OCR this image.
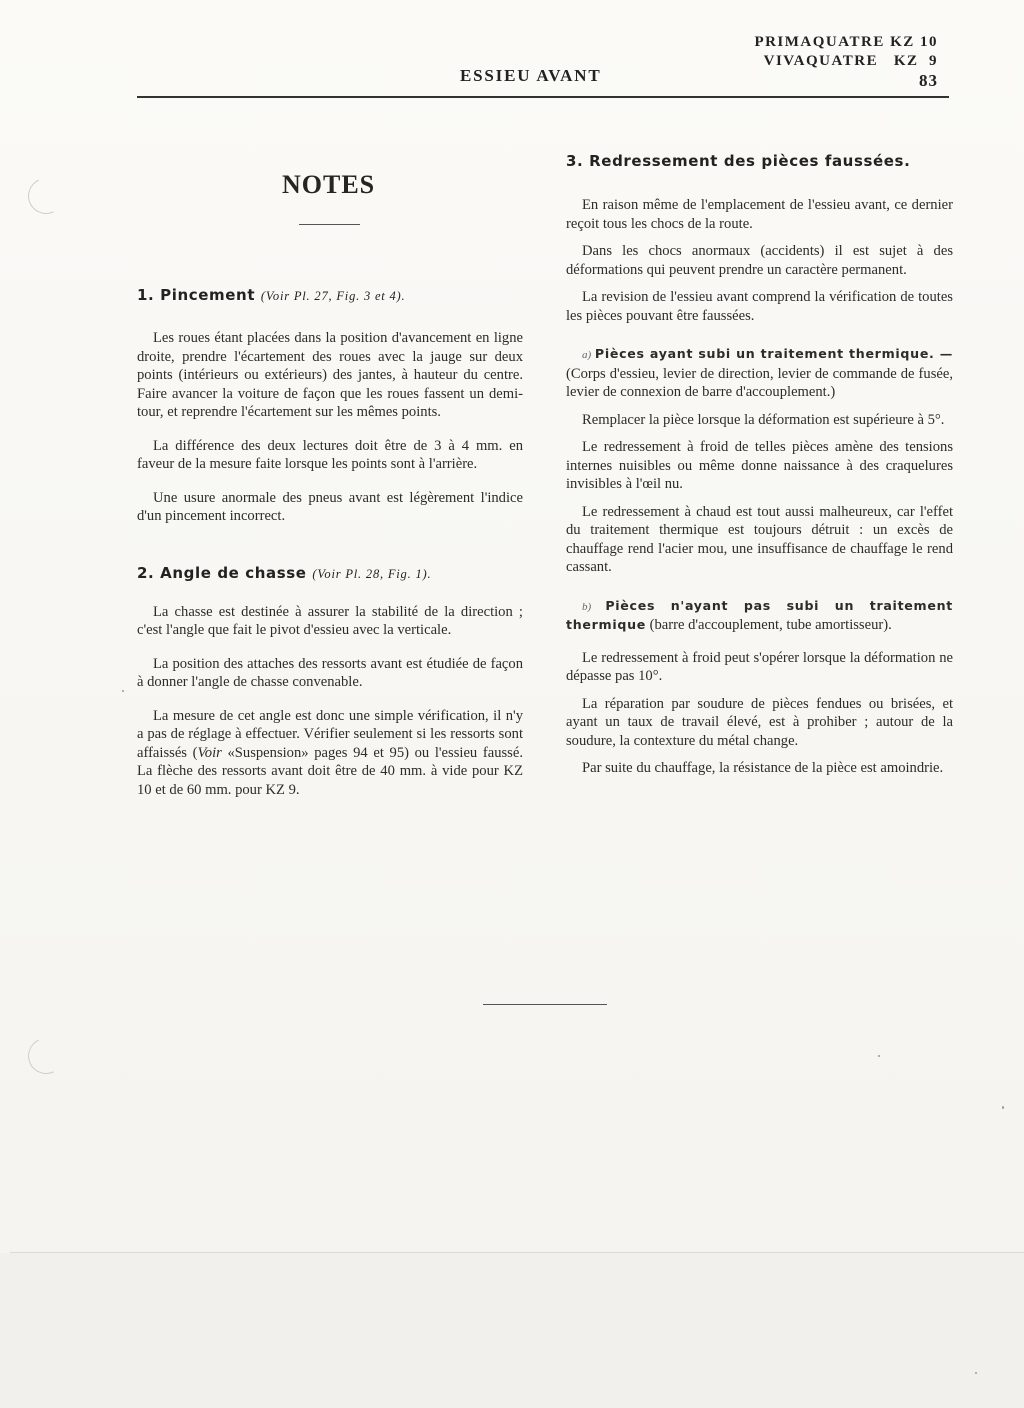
PRIMAQUATRE KZ 10
VIVAQUATRE   KZ  9
83
ESSIEU AVANT
NOTES
1. Pincement (Voir Pl. 27, Fig. 3 et 4).

Les roues étant placées dans la position d'avancement en ligne droite, prendre l'écartement des roues avec la jauge sur deux points (intérieurs ou extérieurs) des jantes, à hauteur du centre. Faire avancer la voiture de façon que les roues fassent un demi-tour, et reprendre l'écartement sur les mêmes points.

La différence des deux lectures doit être de 3 à 4 mm. en faveur de la mesure faite lorsque les points sont à l'arrière.

Une usure anormale des pneus avant est légèrement l'indice d'un pincement incorrect.

2. Angle de chasse (Voir Pl. 28, Fig. 1).

La chasse est destinée à assurer la stabilité de la direction ; c'est l'angle que fait le pivot d'essieu avec la verticale.

La position des attaches des ressorts avant est étudiée de façon à donner l'angle de chasse convenable.

La mesure de cet angle est donc une simple vérification, il n'y a pas de réglage à effectuer. Vérifier seulement si les ressorts sont affaissés (Voir «Suspension» pages 94 et 95) ou l'essieu faussé. La flèche des ressorts avant doit être de 40 mm. à vide pour KZ 10 et de 60 mm. pour KZ 9.

3. Redressement des pièces faussées.

En raison même de l'emplacement de l'essieu avant, ce dernier reçoit tous les chocs de la route.

Dans les chocs anormaux (accidents) il est sujet à des déformations qui peuvent prendre un caractère permanent.

La revision de l'essieu avant comprend la vérification de toutes les pièces pouvant être faussées.

a) Pièces ayant subi un traitement thermique. — (Corps d'essieu, levier de direction, levier de commande de fusée, levier de connexion de barre d'accouplement.)

Remplacer la pièce lorsque la déformation est supérieure à 5°.

Le redressement à froid de telles pièces amène des tensions internes nuisibles ou même donne naissance à des craquelures invisibles à l'œil nu.

Le redressement à chaud est tout aussi malheureux, car l'effet du traitement thermique est toujours détruit : un excès de chauffage rend l'acier mou, une insuffisance de chauffage le rend cassant.

b) Pièces n'ayant pas subi un traitement thermique (barre d'accouplement, tube amortisseur).

Le redressement à froid peut s'opérer lorsque la déformation ne dépasse pas 10°.

La réparation par soudure de pièces fendues ou brisées, et ayant un taux de travail élevé, est à prohiber ; autour de la soudure, la contexture du métal change.

Par suite du chauffage, la résistance de la pièce est amoindrie.
